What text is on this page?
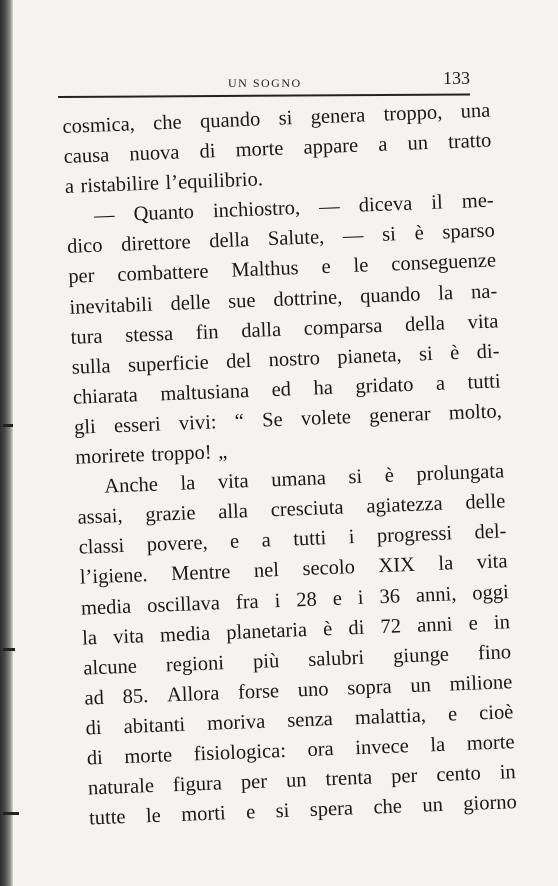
UN SOGNO	133
cosmica, che quando si genera troppo, una
causa nuova di morte appare a un tratto
a ristabilire l’equilibrio.
— Quanto inchiostro, — diceva il me-
dico direttore della Salute, — si è sparso
per combattere Malthus e le conseguenze
inevitabili delle sue dottrine, quando la na-
tura stessa fin dalla comparsa della vita
sulla superficie del nostro pianeta, si è di-
chiarata maltusiana ed ha gridato a tutti
gli esseri vivi: “ Se volete generar molto,
morirete troppo! „
Anche la vita umana si è prolungata
assai, grazie alla cresciuta agiatezza delle
classi povere, e a tutti i progressi del-
l’igiene. Mentre nel secolo XIX la vita
media oscillava fra i 28 e i 36 anni, oggi
la vita media planetaria è di 72 anni e in
alcune regioni più salubri giunge fino
ad 85. Allora forse uno sopra un milione
di abitanti moriva senza malattia, e cioè
di morte fisiologica: ora invece la morte
naturale figura per un trenta per cento in
tutte le morti e si spera che un giorno
